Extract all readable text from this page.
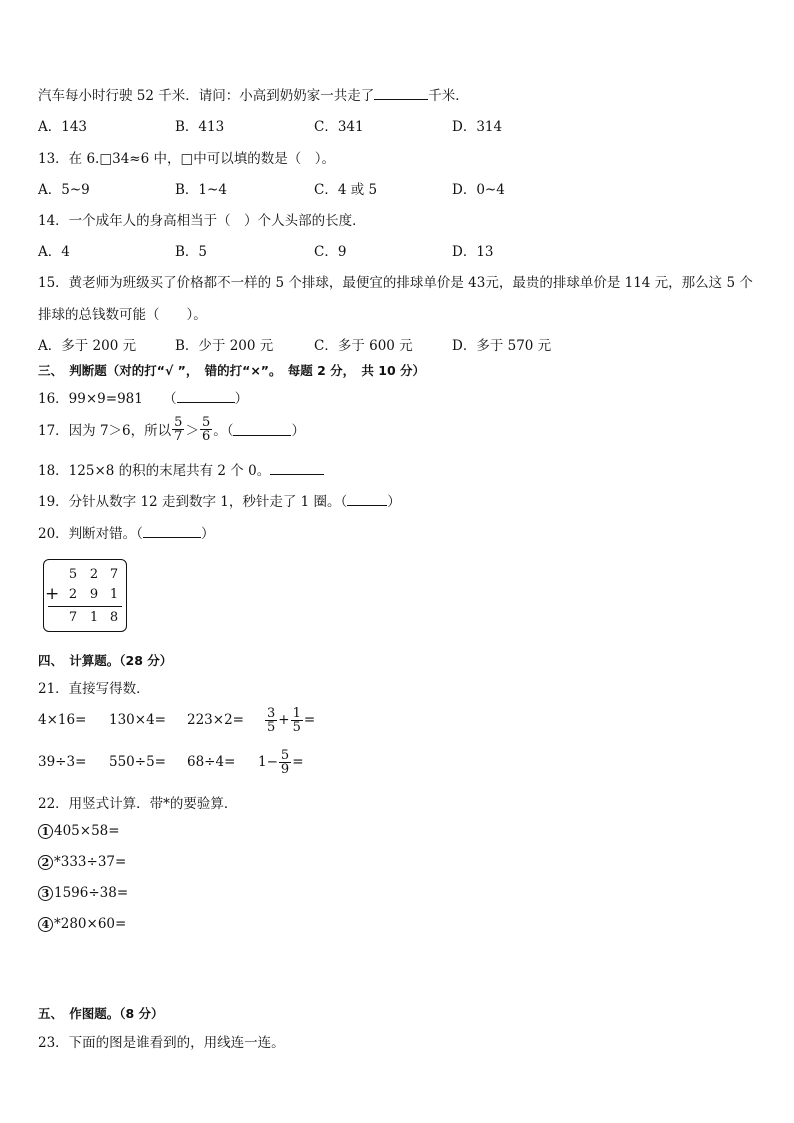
汽车每小时行驶 52 千米．请问：小高到奶奶家一共走了	千米．
A．143	B．413	C．341	D．314
13．在 6.□34≈6 中，□中可以填的数是（　）。
A．5~9	B．1~4	C．4 或 5	D．0~4
14．一个成年人的身高相当于（　）个人头部的长度．
A．4	B．5	C．9	D．13
15．黄老师为班级买了价格都不一样的 5 个排球，最便宜的排球单价是 43元，最贵的排球单价是 114 元，那么这 5 个
排球的总钱数可能（　　）。
A．多于 200 元	B．少于 200 元	C．多于 600 元	D．多于 570 元
三、　判断题（对的打“√ ”，　错的打“×”。　每题 2 分，　共 10 分）
16．99×9=981　　（	）
17．因为 7＞6，所以 $\frac{5}{7} > \frac{5}{6}$ 。（	）
18．125×8 的积的末尾共有 2 个 0。
19．分针从数字 12 走到数字 1，秒针走了 1 圈。（	）
20．判断对错。（	）
5 2 7
+ 2 9 1
7 1 8
四、　计算题。（28 分）
21．直接写得数．
$4\times 16= 130\times 4= 223\times 2= \frac{3}{5} + \frac{1}{5}$ =
$39\div 3= 550\div 5= 68\div 4= 1- \frac{5}{9}$ =
22．用竖式计算．带*的要验算．
1 405×58=
2 *333÷37=
3 1596÷38=
4 *280×60=
五、　作图题。（8 分）
23．下面的图是谁看到的，用线连一连。
